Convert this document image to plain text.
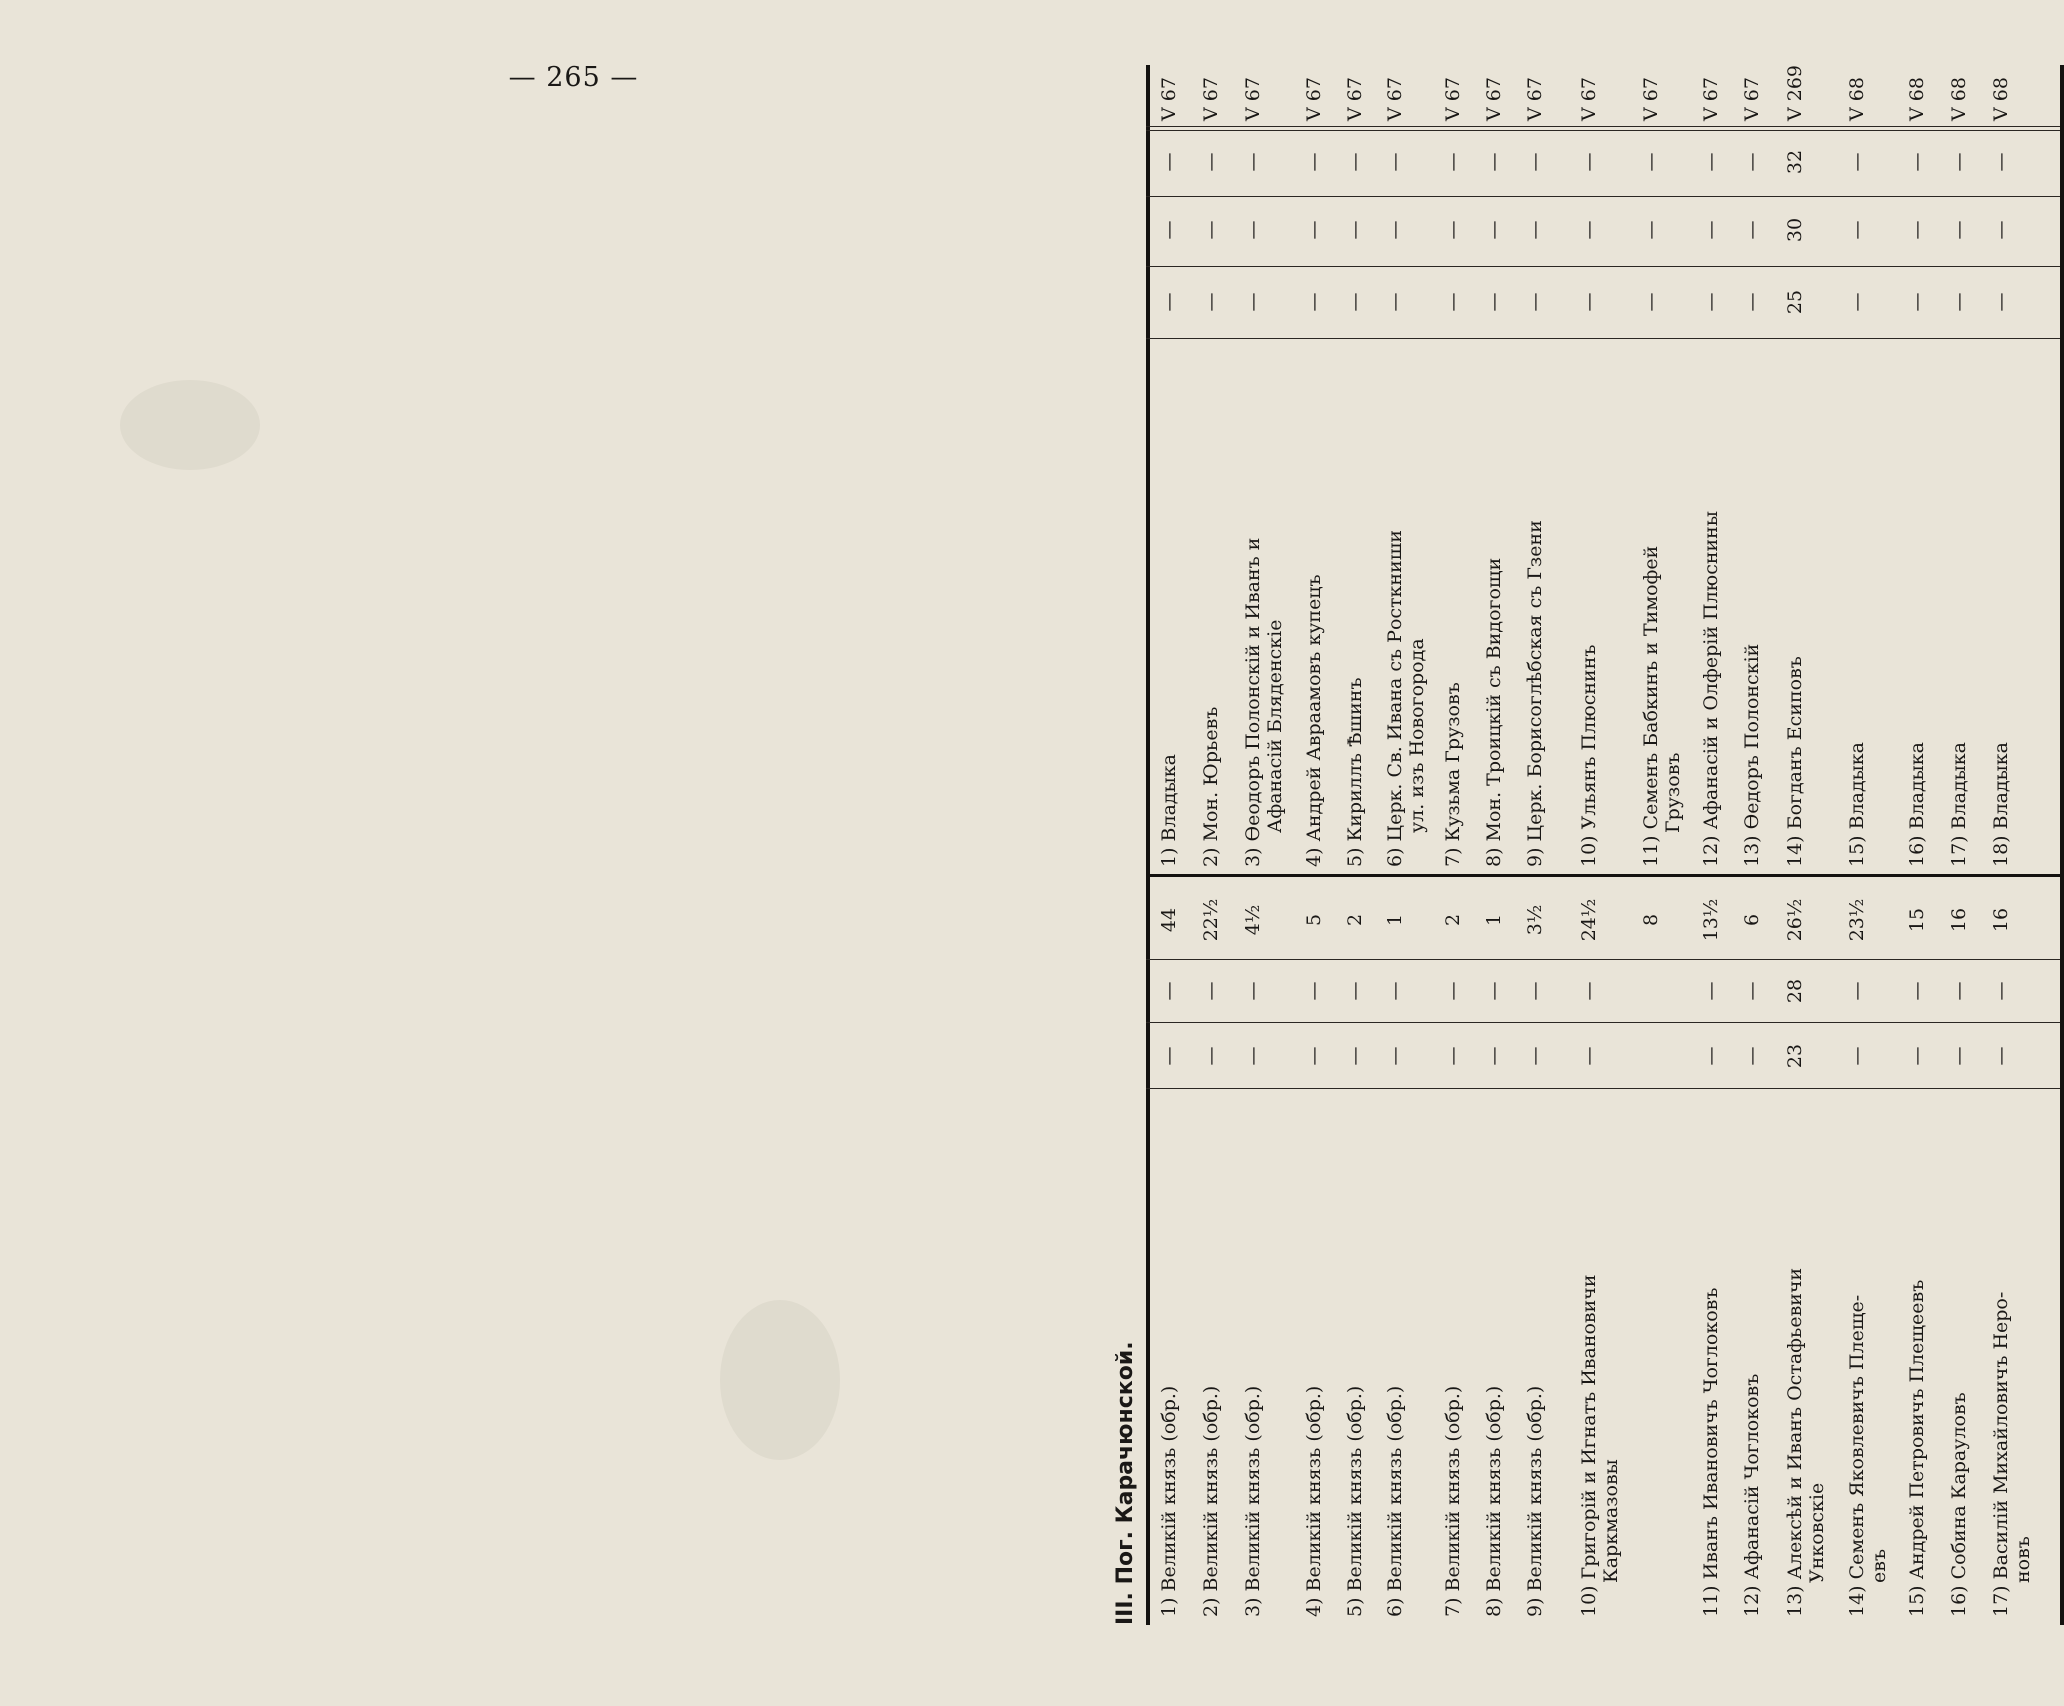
— 265 —
III. Пог. Карачюнской.	1) Великій князь (обр.)
—
—
44
1) Владыка
—
—
—
V 67
2) Великій князь (обр.)
—
—
22½
2) Мон. Юрьевъ
—
—
—
V 67
3) Великій князь (обр.)
—
—
4½
3) Өеодоръ Полонскій и Иванъ и Афанасій Бляденскіе
—
—
—
V 67
4) Великій князь (обр.)
—
—
5
4) Андрей Авраамовъ купецъ
—
—
—
V 67
5) Великій князь (обр.)
—
—
2
5) Кириллъ Ѣшинъ
—
—
—
V 67
6) Великій князь (обр.)
—
—
1
6) Церк. Св. Ивана съ Росткниши ул. изъ Новогорода
—
—
—
V 67
7) Великій князь (обр.)
—
—
2
7) Кузьма Грузовъ
—
—
—
V 67
8) Великій князь (обр.)
—
—
1
8) Мон. Троицкій съ Видогощи
—
—
—
V 67
9) Великій князь (обр.)
—
—
3½
9) Церк. Борисоглѣбская съ Гзени
—
—
—
V 67
10) Григорій и Игнатъ Ивановичи Каркмазовы
—
—
24½
10) Ульянъ Плюснинъ
—
—
—
V 67
8
11) Семенъ Бабкинъ и Тимофей Грузовъ
—
—
—
V 67
11) Иванъ Ивановичъ Чоглоковъ
—
—
13½
12) Афанасій и Олферій Плюснины
—
—
—
V 67
12) Афанасій Чоглоковъ
—
—
6
13) Өедоръ Полонскій
—
—
—
V 67
13) Алексѣй и Иванъ Остафьевичи Унковскіе
23
28
26½
14) Богданъ Есиповъ
25
30
32
V 269
14) Семенъ Яковлевичъ Плеще- евъ
—
—
23½
15) Владыка
—
—
—
V 68
15) Андрей Петровичъ Плещеевъ
—
—
15
16) Владыка
—
—
—
V 68
16) Собина Карауловъ
—
—
16
17) Владыка
—
—
—
V 68
17) Василій Михайловичъ Неро- новъ
—
—
16
18) Владыка
—
—
—
V 68
